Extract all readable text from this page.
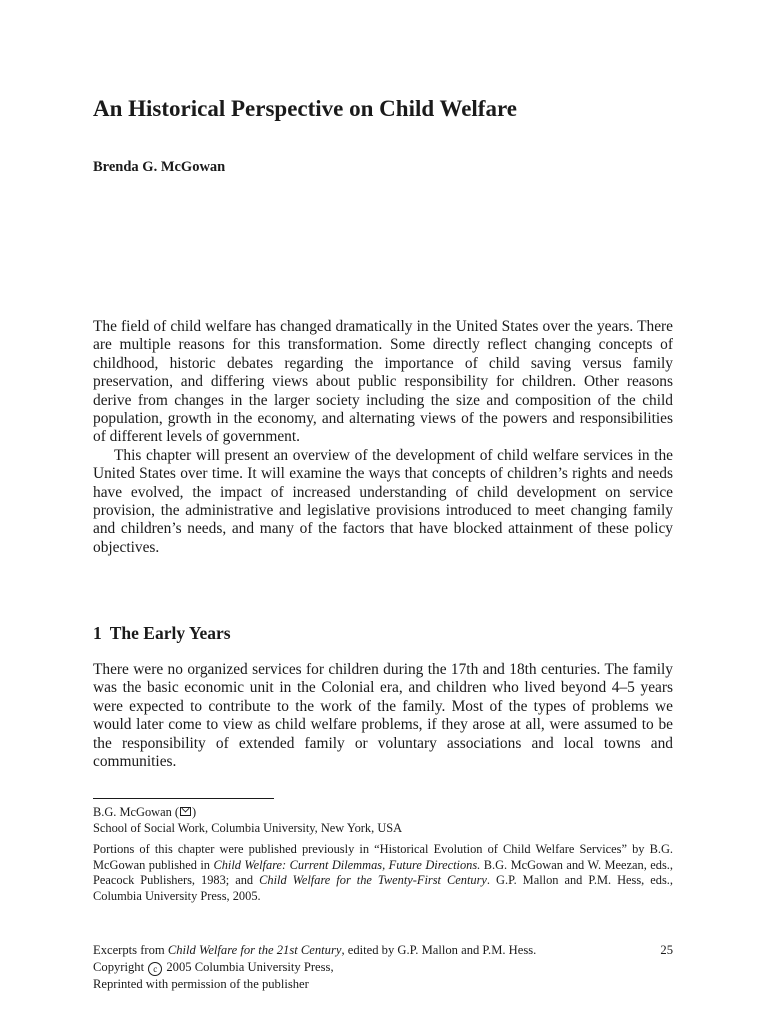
An Historical Perspective on Child Welfare
Brenda G. McGowan

The field of child welfare has changed dramatically in the United States over the years. There are multiple reasons for this transformation. Some directly reflect changing concepts of childhood, historic debates regarding the importance of child saving versus family preservation, and differing views about public responsibility for children. Other reasons derive from changes in the larger society including the size and composition of the child population, growth in the economy, and alternating views of the powers and responsibilities of different levels of government.

This chapter will present an overview of the development of child welfare services in the United States over time. It will examine the ways that concepts of children’s rights and needs have evolved, the impact of increased understanding of child development on service provision, the administrative and legislative provisions introduced to meet changing family and children’s needs, and many of the factors that have blocked attainment of these policy objectives.

1 The Early Years

There were no organized services for children during the 17th and 18th centuries. The family was the basic economic unit in the Colonial era, and children who lived beyond 4–5 years were expected to contribute to the work of the family. Most of the types of problems we would later come to view as child welfare problems, if they arose at all, were assumed to be the responsibility of extended family or voluntary associations and local towns and communities.

B.G. McGowan ( )
School of Social Work, Columbia University, New York, USA
Portions of this chapter were published previously in “Historical Evolution of Child Welfare Services” by B.G. McGowan published in Child Welfare: Current Dilemmas, Future Directions. B.G. McGowan and W. Meezan, eds., Peacock Publishers, 1983; and Child Welfare for the Twenty-First Century. G.P. Mallon and P.M. Hess, eds., Columbia University Press, 2005.
Excerpts from Child Welfare for the 21st Century, edited by G.P. Mallon and P.M. Hess.	25
Copyright c 2005 Columbia University Press,
Reprinted with permission of the publisher
